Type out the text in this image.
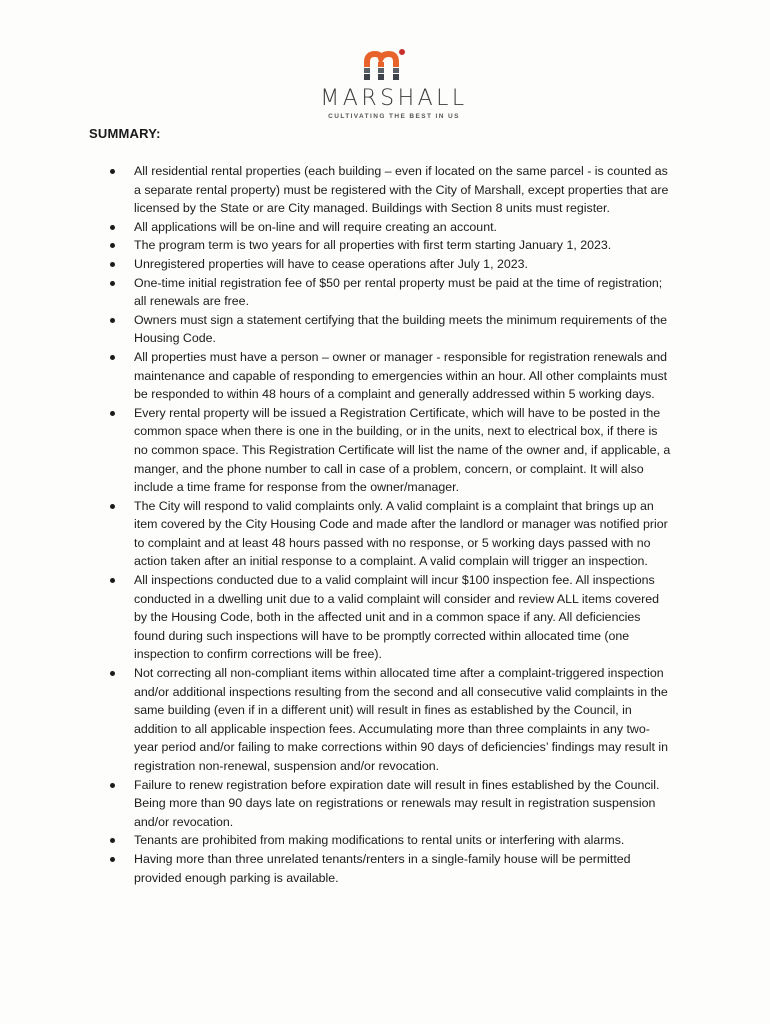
MARSHALL
CULTIVATING THE BEST IN US
SUMMARY:
All residential rental properties (each building – even if located on the same parcel - is counted as a separate rental property) must be registered with the City of Marshall, except properties that are licensed by the State or are City managed. Buildings with Section 8 units must register.
All applications will be on-line and will require creating an account.
The program term is two years for all properties with first term starting January 1, 2023.
Unregistered properties will have to cease operations after July 1, 2023.
One-time initial registration fee of $50 per rental property must be paid at the time of registration; all renewals are free.
Owners must sign a statement certifying that the building meets the minimum requirements of the Housing Code.
All properties must have a person – owner or manager - responsible for registration renewals and maintenance and capable of responding to emergencies within an hour. All other complaints must be responded to within 48 hours of a complaint and generally addressed within 5 working days.
Every rental property will be issued a Registration Certificate, which will have to be posted in the common space when there is one in the building, or in the units, next to electrical box, if there is no common space. This Registration Certificate will list the name of the owner and, if applicable, a manger, and the phone number to call in case of a problem, concern, or complaint. It will also include a time frame for response from the owner/manager.
The City will respond to valid complaints only. A valid complaint is a complaint that brings up an item covered by the City Housing Code and made after the landlord or manager was notified prior to complaint and at least 48 hours passed with no response, or 5 working days passed with no action taken after an initial response to a complaint. A valid complain will trigger an inspection.
All inspections conducted due to a valid complaint will incur $100 inspection fee. All inspections conducted in a dwelling unit due to a valid complaint will consider and review ALL items covered by the Housing Code, both in the affected unit and in a common space if any. All deficiencies found during such inspections will have to be promptly corrected within allocated time (one inspection to confirm corrections will be free).
Not correcting all non-compliant items within allocated time after a complaint-triggered inspection and/or additional inspections resulting from the second and all consecutive valid complaints in the same building (even if in a different unit) will result in fines as established by the Council, in addition to all applicable inspection fees. Accumulating more than three complaints in any two-year period and/or failing to make corrections within 90 days of deficiencies’ findings may result in registration non-renewal, suspension and/or revocation.
Failure to renew registration before expiration date will result in fines established by the Council. Being more than 90 days late on registrations or renewals may result in registration suspension and/or revocation.
Tenants are prohibited from making modifications to rental units or interfering with alarms.
Having more than three unrelated tenants/renters in a single-family house will be permitted provided enough parking is available.
